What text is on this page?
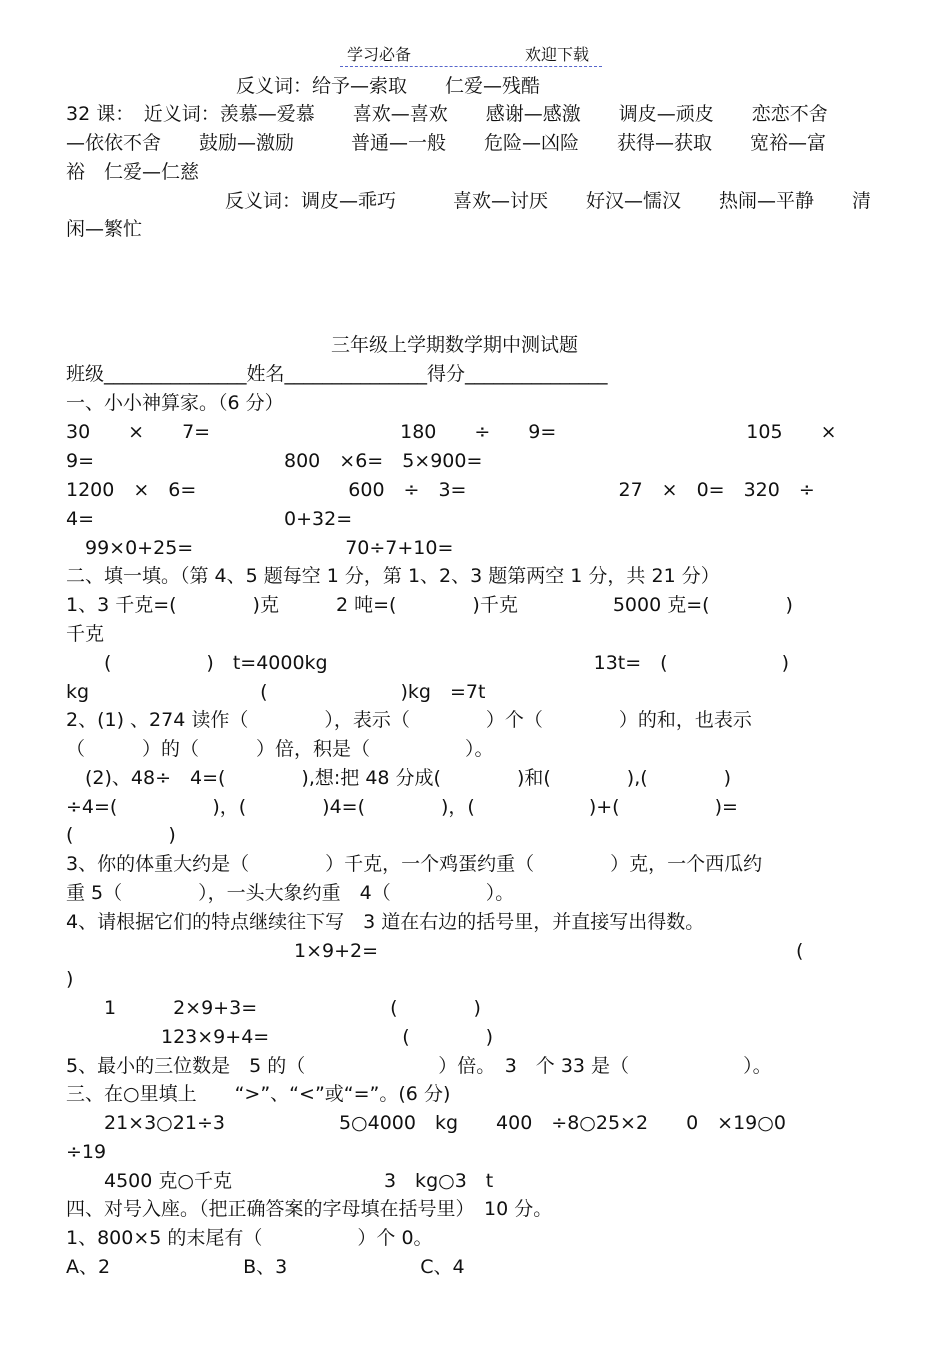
学习必备	欢迎下载
反义词：给予—索取　　仁爱—残酷
32 课：　近义词：羡慕—爱慕　　喜欢—喜欢　　感谢—感激　　调皮—顽皮　　恋恋不舍
—依依不舍　　鼓励—激励　　　普通—一般　　危险—凶险　　获得—获取　　宽裕—富
裕　仁爱—仁慈
反义词：调皮—乖巧　　　喜欢—讨厌　　好汉—懦汉　　热闹—平静　　清
闲—繁忙
三年级上学期数学期中测试题
班级_______________姓名_______________得分_______________
一、小小神算家。（6 分）
30　　×　　7=　　　　　　　　　　180　　÷　　9=　　　　　　　　　　105　　×
9=　　　　　　　　　　800　×6=　5×900=
1200　×　6=　　　　　　　　600　÷　3=　　　　　　　　27　×　0=　320　÷
4=　　　　　　　　　　0+32=
　99×0+25=　　　　　　　　70÷7+10=
二、填一填。（第 4、5 题每空 1 分，第 1、2、3 题第两空 1 分，共 21 分）
1、3 千克=(　　　　)克　　　2 吨=(　　　　)千克　　　　　5000 克=(　　　　)
千克
　　(　　　　　)　t=4000kg　　　　　　　　　　　　　　13t=　(　　　　　　)
kg　　　　　　　　　(　　　　　　　)kg　=7t
2、(1) 、274 读作（　　　　），表示（　　　　）个（　　　　）的和，也表示
（　　　）的（　　　）倍，积是（　　　　　）。
　(2)、48÷　4=(　　　　),想:把 48 分成(　　　　)和(　　　　),(　　　　)
÷4=(　　　　　)，(　　　　)4=(　　　　)，(　　　　　　)+(　　　　　)=
(　　　　　)
3、你的体重大约是（　　　　）千克，一个鸡蛋约重（　　　　）克，一个西瓜约
重 5（　　　　），一头大象约重　4（　　　　　）。
4、请根据它们的特点继续往下写　3 道在右边的括号里，并直接写出得数。
　　　　　　　　　　　　1×9+2=　　　　　　　　　　　　　　　　　　　　　　(
)
　　1　　　2×9+3=　　　　　　　(　　　　)
　　　　　123×9+4=　　　　　　　(　　　　)
5、最小的三位数是　5 的（　　　　　　　）倍。　3　个 33 是（　　　　　　）。
三、在○里填上　　“>”、“<”或“=”。(6 分)
　　21×3○21÷3　　　　　　5○4000　kg　　400　÷8○25×2　　0　×19○0
÷19
　　4500 克○千克　　　　　　　　3　kg○3　t
四、对号入座。（把正确答案的字母填在括号里）　10 分。
1、800×5 的末尾有（　　　　　）个 0。
A、2　　　　　　　B、3　　　　　　　C、4
